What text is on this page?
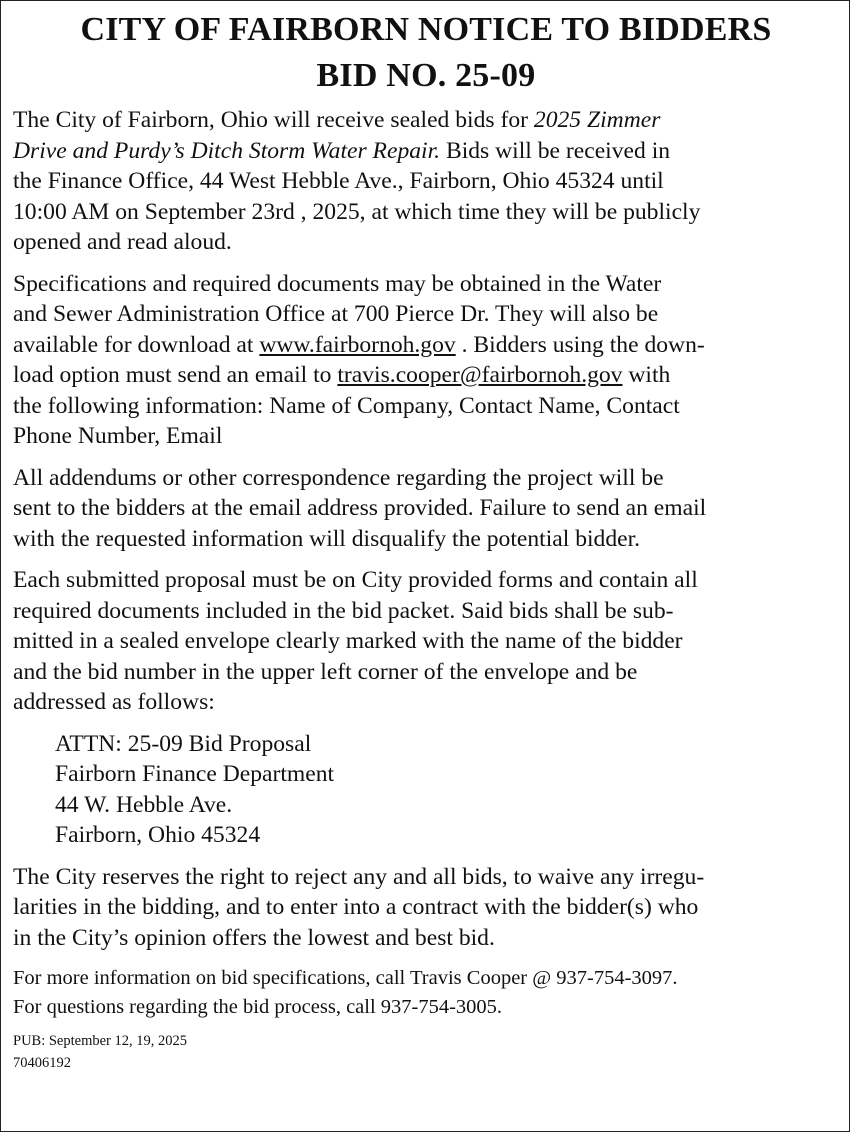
CITY OF FAIRBORN NOTICE TO BIDDERS
BID NO. 25-09

The City of Fairborn, Ohio will receive sealed bids for 2025 Zimmer
Drive and Purdy’s Ditch Storm Water Repair. Bids will be received in
the Finance Office, 44 West Hebble Ave., Fairborn, Ohio 45324 until
10:00 AM on September 23rd , 2025, at which time they will be publicly
opened and read aloud.

Specifications and required documents may be obtained in the Water
and Sewer Administration Office at 700 Pierce Dr. They will also be
available for download at www.fairbornoh.gov . Bidders using the down-
load option must send an email to travis.cooper@fairbornoh.gov with
the following information: Name of Company, Contact Name, Contact
Phone Number, Email

All addendums or other correspondence regarding the project will be
sent to the bidders at the email address provided. Failure to send an email
with the requested information will disqualify the potential bidder.

Each submitted proposal must be on City provided forms and contain all
required documents included in the bid packet. Said bids shall be sub-
mitted in a sealed envelope clearly marked with the name of the bidder
and the bid number in the upper left corner of the envelope and be
addressed as follows:

ATTN: 25-09 Bid Proposal
Fairborn Finance Department
44 W. Hebble Ave.
Fairborn, Ohio 45324

The City reserves the right to reject any and all bids, to waive any irregu-
larities in the bidding, and to enter into a contract with the bidder(s) who
in the City’s opinion offers the lowest and best bid.

For more information on bid specifications, call Travis Cooper @ 937-754-3097.
For questions regarding the bid process, call 937-754-3005.

PUB: September 12, 19, 2025
70406192
